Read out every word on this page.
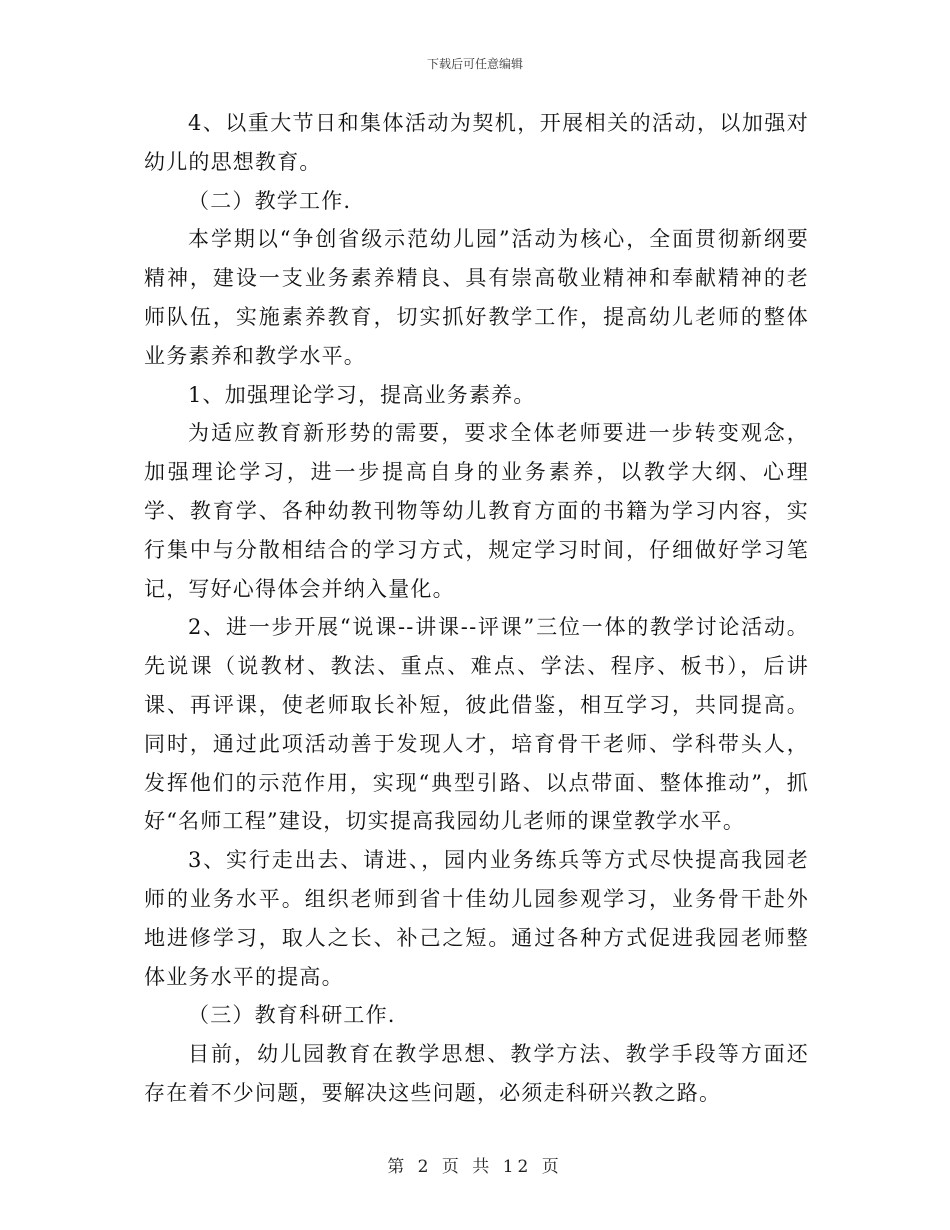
下载后可任意编辑

4、以重大节日和集体活动为契机，开展相关的活动，以加强对幼儿的思想教育。

（二）教学工作.

本学期以“争创省级示范幼儿园”活动为核心，全面贯彻新纲要精神，建设一支业务素养精良、具有崇高敬业精神和奉献精神的老师队伍，实施素养教育，切实抓好教学工作，提高幼儿老师的整体业务素养和教学水平。

1、加强理论学习，提高业务素养。

为适应教育新形势的需要，要求全体老师要进一步转变观念，加强理论学习，进一步提高自身的业务素养，以教学大纲、心理学、教育学、各种幼教刊物等幼儿教育方面的书籍为学习内容，实行集中与分散相结合的学习方式，规定学习时间，仔细做好学习笔记，写好心得体会并纳入量化。

2、进一步开展“说课--讲课--评课”三位一体的教学讨论活动。先说课（说教材、教法、重点、难点、学法、程序、板书），后讲课、再评课，使老师取长补短，彼此借鉴，相互学习，共同提高。同时，通过此项活动善于发现人才，培育骨干老师、学科带头人，发挥他们的示范作用，实现“典型引路、以点带面、整体推动”，抓好“名师工程”建设，切实提高我园幼儿老师的课堂教学水平。

3、实行走出去、请进、，园内业务练兵等方式尽快提高我园老师的业务水平。组织老师到省十佳幼儿园参观学习，业务骨干赴外地进修学习，取人之长、补己之短。通过各种方式促进我园老师整体业务水平的提高。

（三）教育科研工作.

目前，幼儿园教育在教学思想、教学方法、教学手段等方面还存在着不少问题，要解决这些问题，必须走科研兴教之路。

第 2 页 共 12 页
